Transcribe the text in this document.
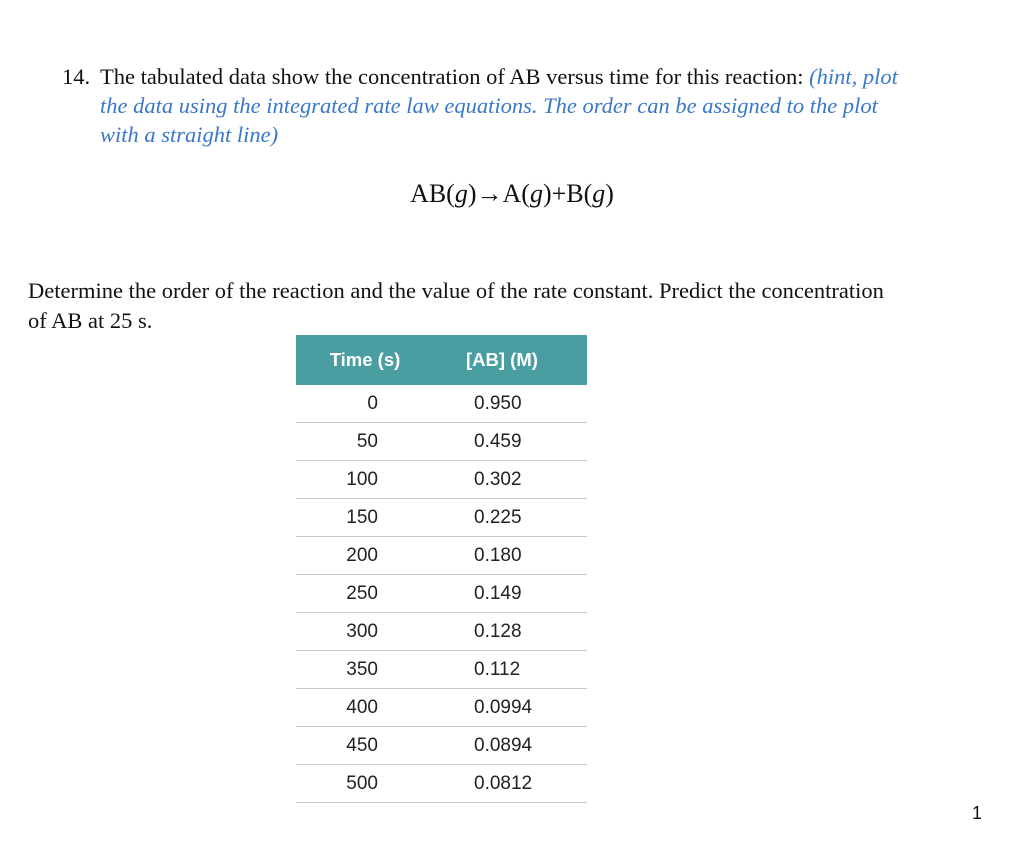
14. The tabulated data show the concentration of AB versus time for this reaction: (hint, plot
the data using the integrated rate law equations. The order can be assigned to the plot
with a straight line)
AB(g)→A(g)+B(g)
Determine the order of the reaction and the value of the rate constant. Predict the concentration
of AB at 25 s.
Time (s)	[AB] (M)
0	0.950
50	0.459
100	0.302
150	0.225
200	0.180
250	0.149
300	0.128
350	0.112
400	0.0994
450	0.0894
500	0.0812
1
